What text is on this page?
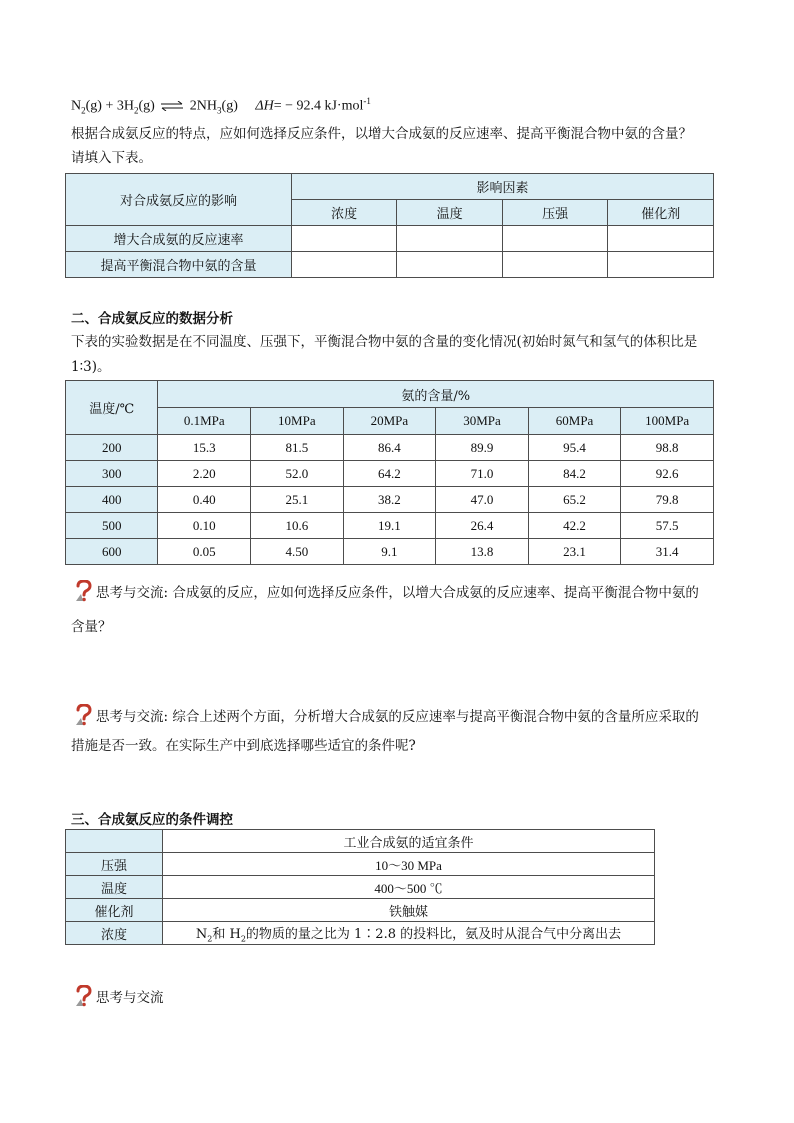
$N_2(g) + 3H_2(g)$ ⇌ $2NH_3(g) \Delta H= - 92.4$ kJ·mol$^{-1}$
根据合成氨反应的特点，应如何选择反应条件，以增大合成氨的反应速率、提高平衡混合物中氨的含量？
请填入下表。
对合成氨反应的影响	影响因素			
	浓度	温度	压强	催化剂
增大合成氨的反应速率				
提高平衡混合物中氨的含量				
二、合成氨反应的数据分析
下表的实验数据是在不同温度、压强下，平衡混合物中氨的含量的变化情况(初始时氮气和氢气的体积比是
1∶3)。
温度/℃	氨的含量/%					
	0.1MPa	10MPa	20MPa	30MPa	60MPa	100MPa
200	15.3	81.5	86.4	89.9	95.4	98.8
300	2.20	52.0	64.2	71.0	84.2	92.6
400	0.40	25.1	38.2	47.0	65.2	79.8
500	0.10	10.6	19.1	26.4	42.2	57.5
600	0.05	4.50	9.1	13.8	23.1	31.4
思考与交流: 合成氨的反应，应如何选择反应条件，以增大合成氨的反应速率、提高平衡混合物中氨的
含量？
思考与交流: 综合上述两个方面，分析增大合成氨的反应速率与提高平衡混合物中氨的含量所应采取的
措施是否一致。在实际生产中到底选择哪些适宜的条件呢?
三、合成氨反应的条件调控
	工业合成氨的适宜条件
压强	10～30 MPa
温度	400～500 ℃
催化剂	铁触媒
浓度	$N_2$和 $H_2$的物质的量之比为 1∶2.8 的投料比，氨及时从混合气中分离出去
思考与交流
